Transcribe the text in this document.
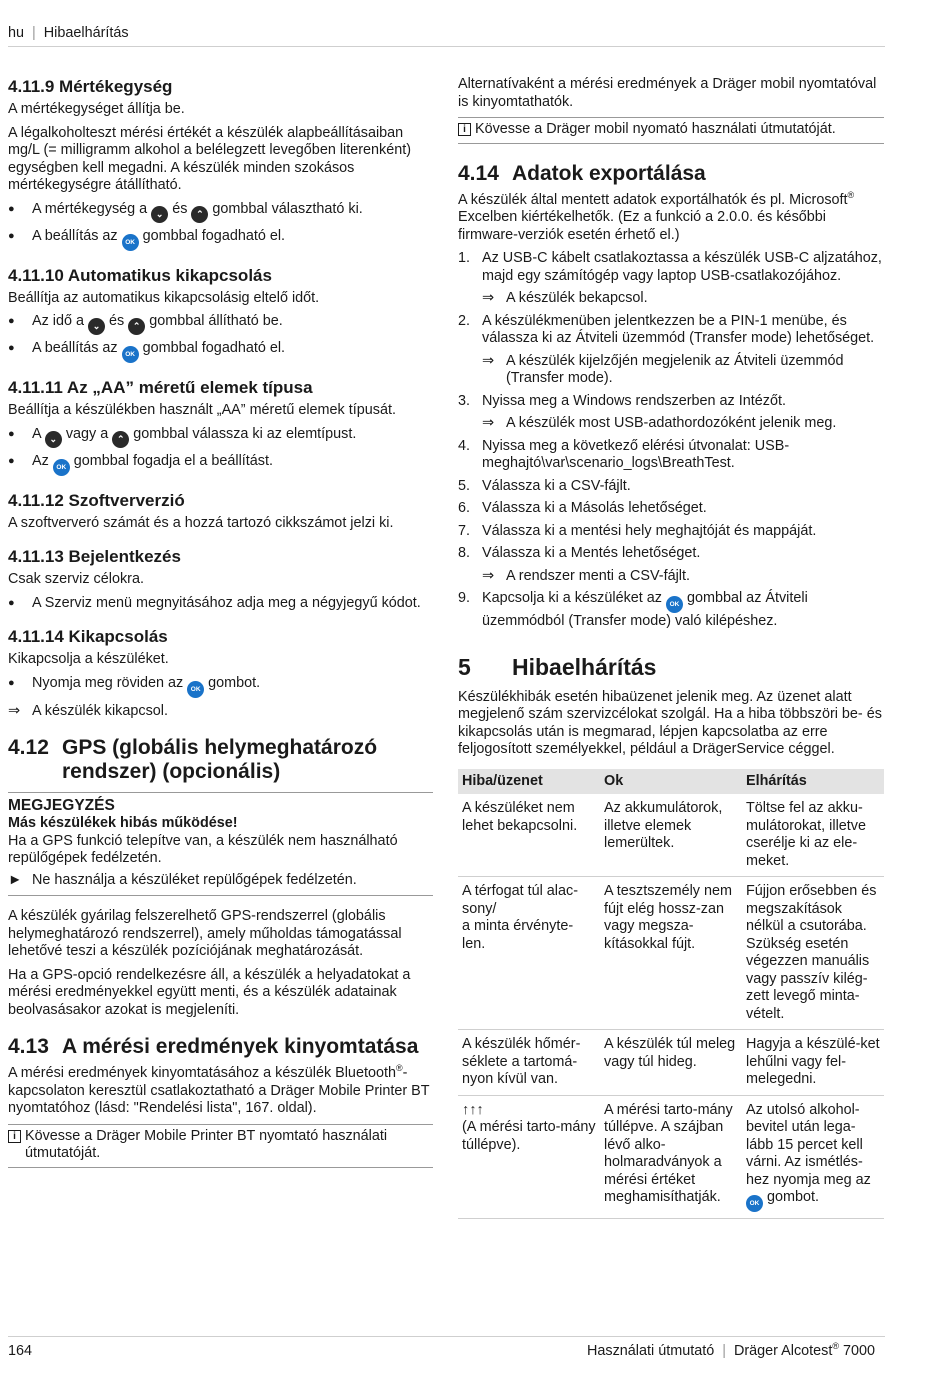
hu | Hibaelhárítás
4.11.9 Mértékegység

A mértékegységet állítja be.

A légalkoholteszt mérési értékét a készülék alapbeállításaiban mg/L (= milligramm alkohol a belélegzett levegőben literenként) egységben kell megadni. A készülék minden szokásos mértékegységre átállítható.

●	A mértékegység a ⌄ és ⌃ gombbal választható ki.
●	A beállítás az OK gombbal fogadható el.
4.11.10 Automatikus kikapcsolás

Beállítja az automatikus kikapcsolásig eltelő időt.

●	Az idő a ⌄ és ⌃ gombbal állítható be.
●	A beállítás az OK gombbal fogadható el.
4.11.11 Az „AA” méretű elemek típusa

Beállítja a készülékben használt „AA” méretű elemek típusát.

●	A ⌄ vagy a ⌃ gombbal válassza ki az elemtípust.
●	Az OK gombbal fogadja el a beállítást.
4.11.12 Szoftververzió

A szoftververó számát és a hozzá tartozó cikkszámot jelzi ki.

4.11.13 Bejelentkezés

Csak szerviz célokra.

●	A Szerviz menü megnyitásához adja meg a négyjegyű kódot.
4.11.14 Kikapcsolás

Kikapcsolja a készüléket.

●	Nyomja meg röviden az OK gombot.
⇒ A készülék kikapcsol.
4.12 GPS (globális helymeghatározó rendszer) (opcionális)
MEGJEGYZÉS
Más készülékek hibás működése!
Ha a GPS funkció telepítve van, a készülék nem használható repülőgépek fedélzetén.
► Ne használja a készüléket repülőgépek fedélzetén.

A készülék gyárilag felszerelhető GPS-rendszerrel (globális helymeghatározó rendszerrel), amely műholdas támogatással lehetővé teszi a készülék pozíciójának meghatározását.

Ha a GPS-opció rendelkezésre áll, a készülék a helyadatokat a mérési eredményekkel együtt menti, és a készülék adatainak beolvasásakor azokat is megjeleníti.

4.13 A mérési eredmények kinyomtatása

A mérési eredmények kinyomtatásához a készülék Bluetooth®-kapcsolaton keresztül csatlakoztatható a Dräger Mobile Printer BT nyomtatóhoz (lásd: "Rendelési lista", 167. oldal).

i Kövesse a Dräger Mobile Printer BT nyomtató használati útmutatóját.

Alternatívaként a mérési eredmények a Dräger mobil nyomtatóval is kinyomtathatók.

i Kövesse a Dräger mobil nyomató használati útmutatóját.
4.14 Adatok exportálása

A készülék által mentett adatok exportálhatók és pl. Microsoft® Excelben kiértékelhetők. (Ez a funkció a 2.0.0. és későbbi firmware-verziók esetén érhető el.)

1. Az USB-C kábelt csatlakoztassa a készülék USB-C aljzatához, majd egy számítógép vagy laptop USB-csatlakozójához.
⇒ A készülék bekapcsol.
2. A készülékmenüben jelentkezzen be a PIN-1 menübe, és válassza ki az Átviteli üzemmód (Transfer mode) lehetőséget.
⇒ A készülék kijelzőjén megjelenik az Átviteli üzemmód (Transfer mode).
3. Nyissa meg a Windows rendszerben az Intézőt.
⇒ A készülék most USB-adathordozóként jelenik meg.
4. Nyissa meg a következő elérési útvonalat: USB-meghajtó\var\scenario_logs\BreathTest.
5. Válassza ki a CSV-fájlt.
6. Válassza ki a Másolás lehetőséget.
7. Válassza ki a mentési hely meghajtóját és mappáját.
8. Válassza ki a Mentés lehetőséget.
⇒ A rendszer menti a CSV-fájlt.
9. Kapcsolja ki a készüléket az OK gombbal az Átviteli üzemmódból (Transfer mode) való kilépéshez.
5	Hibaelhárítás

Készülékhibák esetén hibaüzenet jelenik meg. Az üzenet alatt megjelenő szám szervizcélokat szolgál. Ha a hiba többszöri be- és kikapcsolás után is megmarad, lépjen kapcsolatba az erre feljogosított személyekkel, például a DrägerService céggel.

Hiba/üzenet	Ok	Elhárítás
A készüléket nem lehet bekapcsolni.	Az akkumulátorok, illetve elemek lemerültek.	Töltse fel az akku-mulátorokat, illetve cserélje ki az ele-meket.
A térfogat túl alac-sony/
a minta érvényte-len.	A tesztszemély nem fújt elég hossz-zan vagy megsza-kításokkal fújt.	Fújjon erősebben és megszakítások nélkül a csutorába. Szükség esetén végezzen manuális vagy passzív kilég-zett levegő minta-vételt.
A készülék hőmér-séklete a tartomá-nyon kívül van.	A készülék túl meleg vagy túl hideg.	Hagyja a készülé-ket lehűlni vagy fel-melegedni.
↑↑↑
(A mérési tarto-mány túllépve).	A mérési tarto-mány túllépve. A szájban lévő alko-holmaradványok a mérési értéket meghamisíthatják.	Az utolsó alkohol-bevitel után lega-lább 15 percet kell várni. Az ismétlés-hez nyomja meg az OK gombot.
164	Használati útmutató | Dräger Alcotest® 7000
